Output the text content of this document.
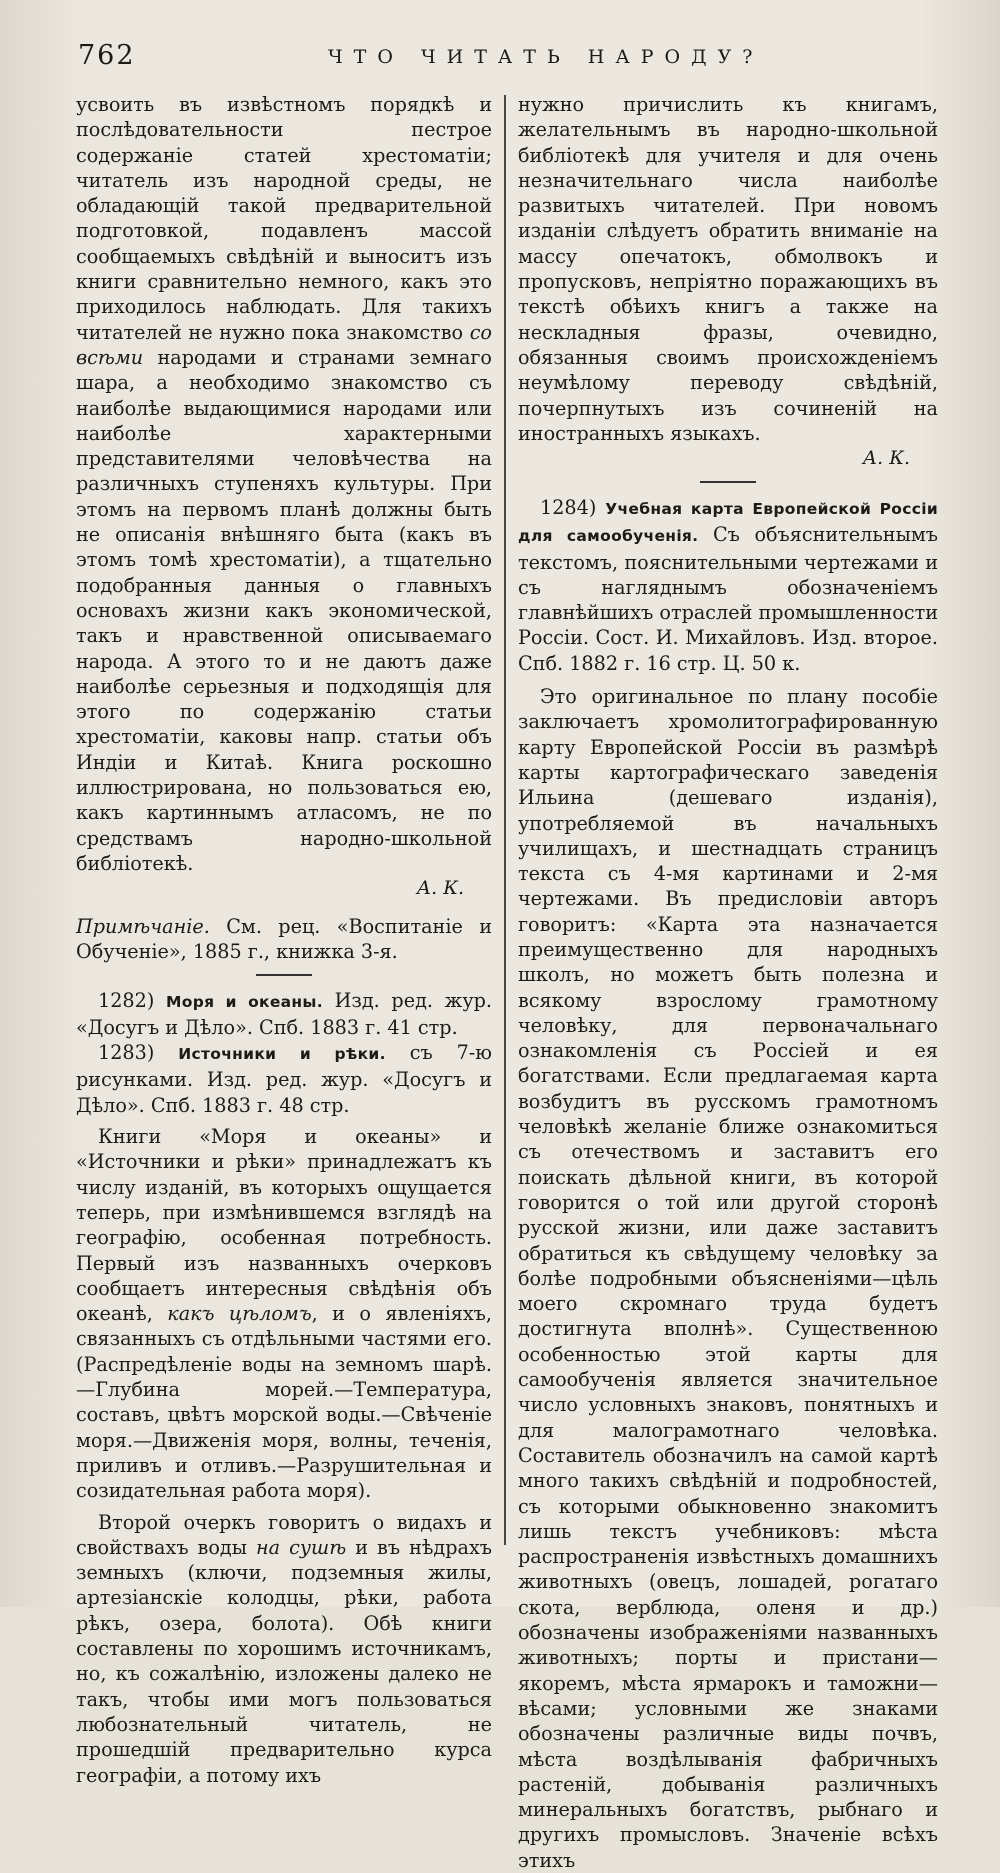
762	ЧТО ЧИТАТЬ НАРОДУ?

усвоить въ извѣстномъ порядкѣ и послѣдовательности пестрое содержаніе статей хрестоматіи; читатель изъ народной среды, не обладающій такой предварительной подготовкой, подавленъ массой сообщаемыхъ свѣдѣній и выноситъ изъ книги сравнительно немного, какъ это приходилось наблюдать. Для такихъ читателей не нужно пока знакомство со всѣми народами и странами земнаго шара, а необходимо знакомство съ наиболѣе выдающимися народами или наиболѣе характерными представителями человѣчества на различныхъ ступеняхъ культуры. При этомъ на первомъ планѣ должны быть не описанія внѣшняго быта (какъ въ этомъ томѣ хрестоматіи), а тщательно подобранныя данныя о главныхъ основахъ жизни какъ экономической, такъ и нравственной описываемаго народа. А этого то и не даютъ даже наиболѣе серьезныя и подходящія для этого по содержанію статьи хрестоматіи, каковы напр. статьи объ Индіи и Китаѣ. Книга роскошно иллюстрирована, но пользоваться ею, какъ картиннымъ атласомъ, не по средствамъ народно-школьной библіотекѣ.

А. К.

Примѣчаніе. См. рец. «Воспитаніе и Обученіе», 1885 г., книжка 3-я.

1282) Моря и океаны. Изд. ред. жур. «Досугъ и Дѣло». Спб. 1883 г. 41 стр.

1283) Источники и рѣки. съ 7-ю рисунками. Изд. ред. жур. «Досугъ и Дѣло». Спб. 1883 г. 48 стр.

Книги «Моря и океаны» и «Источники и рѣки» принадлежатъ къ числу изданій, въ которыхъ ощущается теперь, при измѣнившемся взглядѣ на географію, особенная потребность. Первый изъ названныхъ очерковъ сообщаетъ интересныя свѣдѣнія объ океанѣ, какъ цѣломъ, и о явленіяхъ, связанныхъ съ отдѣльными частями его. (Распредѣленіе воды на земномъ шарѣ.—Глубина морей.—Температура, составъ, цвѣтъ морской воды.—Свѣченіе моря.—Движенія моря, волны, теченія, приливъ и отливъ.—Разрушительная и созидательная работа моря).

Второй очеркъ говоритъ о видахъ и свойствахъ воды на сушѣ и въ нѣдрахъ земныхъ (ключи, подземныя жилы, артезіанскіе колодцы, рѣки, работа рѣкъ, озера, болота). Обѣ книги составлены по хорошимъ источникамъ, но, къ сожалѣнію, изложены далеко не такъ, чтобы ими могъ пользоваться любознательный читатель, не прошедшій предварительно курса географіи, а потому ихъ

нужно причислить къ книгамъ, желательнымъ въ народно-школьной библіотекѣ для учителя и для очень незначительнаго числа наиболѣе развитыхъ читателей. При новомъ изданіи слѣдуетъ обратить вниманіе на массу опечатокъ, обмолвокъ и пропусковъ, непріятно поражающихъ въ текстѣ обѣихъ книгъ а также на нескладныя фразы, очевидно, обязанныя своимъ происхожденіемъ неумѣлому переводу свѣдѣній, почерпнутыхъ изъ сочиненій на иностранныхъ языкахъ.

А. К.

1284) Учебная карта Европейской Россіи для самообученія. Съ объяснительнымъ текстомъ, пояснительными чертежами и съ нагляднымъ обозначеніемъ главнѣйшихъ отраслей промышленности Россіи. Сост. И. Михайловъ. Изд. второе. Спб. 1882 г. 16 стр. Ц. 50 к.

Это оригинальное по плану пособіе заключаетъ хромолитографированную карту Европейской Россіи въ размѣрѣ карты картографическаго заведенія Ильина (дешеваго изданія), употребляемой въ начальныхъ училищахъ, и шестнадцать страницъ текста съ 4-мя картинами и 2-мя чертежами. Въ предисловіи авторъ говоритъ: «Карта эта назначается преимущественно для народныхъ школъ, но можетъ быть полезна и всякому взрослому грамотному человѣку, для первоначальнаго ознакомленія съ Россіей и ея богатствами. Если предлагаемая карта возбудитъ въ русскомъ грамотномъ человѣкѣ желаніе ближе ознакомиться съ отечествомъ и заставитъ его поискать дѣльной книги, въ которой говорится о той или другой сторонѣ русской жизни, или даже заставитъ обратиться къ свѣдущему человѣку за болѣе подробными объясненіями—цѣль моего скромнаго труда будетъ достигнута вполнѣ». Существенною особенностью этой карты для самообученія является значительное число условныхъ знаковъ, понятныхъ и для малограмотнаго человѣка. Составитель обозначилъ на самой картѣ много такихъ свѣдѣній и подробностей, съ которыми обыкновенно знакомитъ лишь текстъ учебниковъ: мѣста распространенія извѣстныхъ домашнихъ животныхъ (овецъ, лошадей, рогатаго скота, верблюда, оленя и др.) обозначены изображеніями названныхъ животныхъ; порты и пристани—якоремъ, мѣста ярмарокъ и таможни—вѣсами; условными же знаками обозначены различные виды почвъ, мѣста воздѣлыванія фабричныхъ растеній, добыванія различныхъ минеральныхъ богатствъ, рыбнаго и другихъ промысловъ. Значеніе всѣхъ этихъ
